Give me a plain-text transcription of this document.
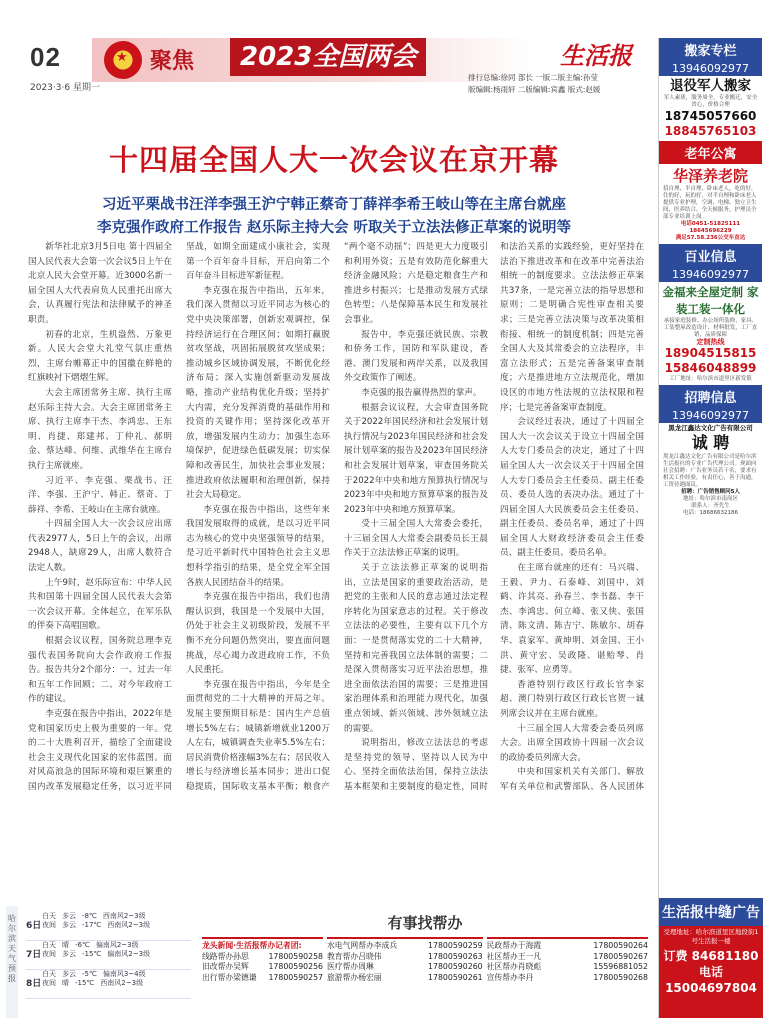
02
2023·3·6 星期一
★ 聚焦	2023全国两会	生活报
排行总编:徐同 部长 一版二版主编:孙莹
版编辑:杨雨轩 二版编辑:宾鑫 版式:赵媛
十四届全国人大一次会议在京开幕
习近平栗战书汪洋李强王沪宁韩正蔡奇丁薛祥李希王岐山等在主席台就座
李克强作政府工作报告 赵乐际主持大会 听取关于立法法修正草案的说明等

新华社北京3月5日电 第十四届全国人民代表大会第一次会议5日上午在北京人民大会堂开幕。近3000名新一届全国人大代表肩负人民重托出席大会，认真履行宪法和法律赋予的神圣职责。

初春的北京，生机盎然、万象更新。人民大会堂大礼堂气氛庄重热烈，主席台帷幕正中的国徽在鲜艳的红旗映衬下熠熠生辉。

大会主席团常务主席、执行主席赵乐际主持大会。大会主席团常务主席、执行主席李干杰、李鸿忠、王东明、肖捷、郑建邦、丁仲礼、郝明金、蔡达峰、何维、武维华在主席台执行主席就座。

习近平、李克强、栗战书、汪洋、李强、王沪宁、韩正、蔡奇、丁薛祥、李希、王岐山在主席台就座。

十四届全国人大一次会议应出席代表2977人，5日上午的会议，出席2948人，缺席29人，出席人数符合法定人数。

上午9时，赵乐际宣布：中华人民共和国第十四届全国人民代表大会第一次会议开幕。全体起立，在军乐队的伴奏下高唱国歌。

根据会议议程，国务院总理李克强代表国务院向大会作政府工作报告。报告共分2个部分：一、过去一年和五年工作回顾；二、对今年政府工作的建议。

李克强在报告中指出，2022年是党和国家历史上极为重要的一年。党的二十大胜利召开，描绘了全面建设社会主义现代化国家的宏伟蓝图。面对风高浪急的国际环境和艰巨繁重的国内改革发展稳定任务，以习近平同

坚战，如期全面建成小康社会，实现第一个百年奋斗目标，开启向第二个百年奋斗目标进军新征程。

李克强在报告中指出，五年来，我们深入贯彻以习近平同志为核心的党中央决策部署，创新宏观调控，保持经济运行在合理区间；如期打赢脱贫攻坚战，巩固拓展脱贫攻坚成果；推动城乡区域协调发展，不断优化经济布局；深入实施创新驱动发展战略，推动产业结构优化升级；坚持扩大内需，充分发挥消费的基础作用和投资的关键作用；坚持深化改革开放，增强发展内生动力；加强生态环境保护，促进绿色低碳发展；切实保障和改善民生，加快社会事业发展；推进政府依法履职和治理创新，保持社会大局稳定。

李克强在报告中指出，这些年来我国发展取得的成就，是以习近平同志为核心的党中央坚强领导的结果，是习近平新时代中国特色社会主义思想科学指引的结果，是全党全军全国各族人民团结奋斗的结果。

李克强在报告中指出，我们也清醒认识到，我国是一个发展中大国，仍处于社会主义初级阶段，发展不平衡不充分问题仍然突出，要直面问题挑战，尽心竭力改进政府工作，不负人民重托。

李克强在报告中指出，今年是全面贯彻党的二十大精神的开局之年。发展主要预期目标是：国内生产总值增长5%左右；城镇新增就业1200万人左右，城镇调查失业率5.5%左右；居民消费价格涨幅3%左右；居民收入增长与经济增长基本同步；进出口促稳提质，国际收支基本平衡；粮食产

“两个毫不动摇”；四是更大力度吸引和利用外资；五是有效防范化解重大经济金融风险；六是稳定粮食生产和推进乡村振兴；七是推动发展方式绿色转型；八是保障基本民生和发展社会事业。

报告中，李克强还就民族、宗教和侨务工作，国防和军队建设，香港、澳门发展和两岸关系，以及我国外交政策作了阐述。

李克强的报告赢得热烈的掌声。

根据会议议程，大会审查国务院关于2022年国民经济和社会发展计划执行情况与2023年国民经济和社会发展计划草案的报告及2023年国民经济和社会发展计划草案，审查国务院关于2022年中央和地方预算执行情况与2023年中央和地方预算草案的报告及2023年中央和地方预算草案。

受十三届全国人大常委会委托，十三届全国人大常委会副委员长王晨作关于立法法修正草案的说明。

关于立法法修正草案的说明指出，立法是国家的重要政治活动，是把党的主张和人民的意志通过法定程序转化为国家意志的过程。关于修改立法法的必要性，主要有以下几个方面：一是贯彻落实党的二十大精神，坚持和完善我国立法体制的需要；二是深入贯彻落实习近平法治思想，推进全面依法治国的需要；三是推进国家治理体系和治理能力现代化，加强重点领域、新兴领域、涉外领域立法的需要。

说明指出，修改立法法总的考虑是坚持党的领导、坚持以人民为中心、坚持全面依法治国，保持立法法基本框架和主要制度的稳定性，同时

和法治关系的实践经验，更好坚持在法治下推进改革和在改革中完善法治相统一的制度要求。立法法修正草案共37条，一是完善立法的指导思想和原则；二是明确合宪性审查相关要求；三是完善立法决策与改革决策相衔接、相统一的制度机制；四是完善全国人大及其常委会的立法程序，丰富立法形式；五是完善备案审查制度；六是推进地方立法规范化，增加设区的市地方性法规的立法权限和程序；七是完善备案审查制度。

会议经过表决，通过了十四届全国人大一次会议关于设立十四届全国人大专门委员会的决定，通过了十四届全国人大一次会议关于十四届全国人大专门委员会主任委员、副主任委员、委员人选的表决办法。通过了十四届全国人大民族委员会主任委员、副主任委员、委员名单，通过了十四届全国人大财政经济委员会主任委员、副主任委员、委员名单。

在主席台就座的还有：马兴瑞、王毅、尹力、石泰峰、刘国中、刘鹤、许其亮、孙春兰、李书磊、李干杰、李鸿忠、何立峰、张又侠、张国清、陈文清、陈吉宁、陈敏尔、胡春华、袁家军、黄坤明、刘金国、王小洪、黄守宏、吴政隆、谌贻琴、肖捷、张军、应勇等。

香港特别行政区行政长官李家超、澳门特别行政区行政长官贺一诚列席会议并在主席台就座。

十三届全国人大常委会委员列席大会。出席全国政协十四届一次会议的政协委员列席大会。

中央和国家机关有关部门、解放军有关单位和武警部队、各人民团体

哈尔滨天气预报
6日
白天 多云 -8℃ 西南风2~3级
夜间 多云 -17℃ 西南风2~3级
7日
白天 晴 -6℃ 偏南风2~3级
夜间 多云 -15℃ 偏南风2~3级
8日
白天 多云 -5℃ 偏南风3~4级
夜间 晴 -15℃ 西南风2~3级
有事找帮办
龙头新闻·生活报帮办记者团:
线路帮办孙思	17800590258
旧改帮办吴辉	17800590256
出行帮办梁德谦 17800590257
水电气网帮办李成兵	17800590259
教育帮办吕晓伟	17800590263
医疗帮办周琳	17800590260
旅游帮办杨宏丽	17800590261
民政帮办于海霞	17800590264
社区帮办王一凡	17800590267
社区帮办肖晓彪	15596881052
宣传帮办李丹	17800590268
搬家专栏
13946092977
退役军人搬家
军人素质，服务周全，专业搬迁，安全省心，价格合理
18745057660
18845765103
老年公寓
华泽养老院
招自理、半自理、卧床老人，吃的好，住的好，玩的好，对半自理和卧床老人提供专业护理，空调、电梯、独立卫生间，医养结合，全天候服务，护理员全部专业培训上岗。
电话0451-51825111 18645696229
满足57.58.236公交车直达
百业信息
13946092977
金福来全屋定制 家装工装一体化
承接家庭装修、办公场所装修，家具、工装整屋改造设计、材料批发，工厂直销，品质保障
定制热线
18904515815
15846048899
工厂地址：哈尔滨市道里区新发镇
招聘信息
13946092977
黑龙江鑫达文化广告有限公司
诚 聘
黑龙江鑫达文化广告有限公司是哈尔滨生活报社的专业广告代理公司。现面向社会招聘：广告业务员若干名，要求有相关工作经验，有责任心，善于沟通，工资待遇面议。
招聘：广告销售顾问5人
地址：哈尔滨市南岗区
联系人：齐先生
电话：18686632186
生活报中缝广告
受理地址：哈尔滨道里区地段街1号生活报一楼
订费 84681180
电话 15004697804
